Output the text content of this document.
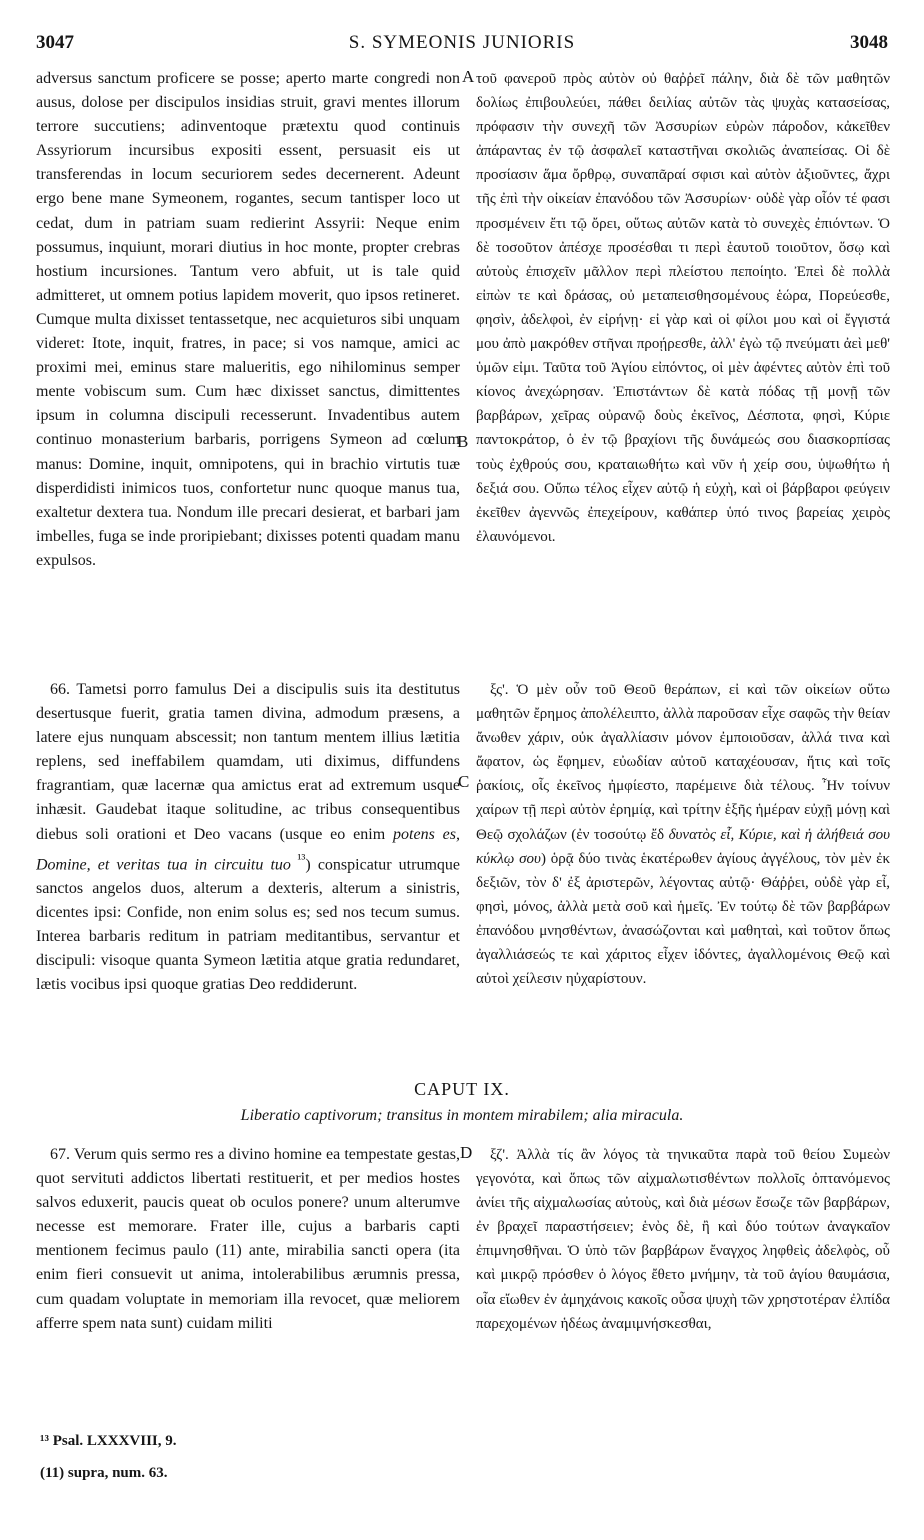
3047	S. SYMEONIS JUNIORIS	3048

adversus sanctum proficere se posse; aperto marte congredi non ausus, dolose per discipulos insidias struit, gravi mentes illorum terrore succutiens; adinventoque prætextu quod continuis Assyriorum incursibus expositi essent, persuasit eis ut transferendas in locum securiorem sedes decernerent. Adeunt ergo bene mane Symeonem, rogantes, secum tantisper loco ut cedat, dum in patriam suam redierint Assyrii: Neque enim possumus, inquiunt, morari diutius in hoc monte, propter crebras hostium incursiones. Tantum vero abfuit, ut is tale quid admitteret, ut omnem potius lapidem moverit, quo ipsos retineret. Cumque multa dixisset tentassetque, nec acquieturos sibi unquam videret: Itote, inquit, fratres, in pace; si vos namque, amici ac proximi mei, eminus stare malueritis, ego nihilominus semper mente vobiscum sum. Cum hæc dixisset sanctus, dimittentes ipsum in columna discipuli recesserunt. Invadentibus autem continuo monasterium barbaris, porrigens Symeon ad cœlum manus: Domine, inquit, omnipotens, qui in brachio virtutis tuæ disperdidisti inimicos tuos, confortetur nunc quoque manus tua, exaltetur dextera tua. Nondum ille precari desierat, et barbari jam imbelles, fuga se inde proripiebant; dixisses potenti quadam manu expulsos.

τοῦ φανεροῦ πρὸς αὐτὸν οὐ θαῤῥεῖ πάλην, διὰ δὲ τῶν μαθητῶν δολίως ἐπιβουλεύει, πάθει δειλίας αὐτῶν τὰς ψυχὰς κατασείσας, πρόφασιν τὴν συνεχῆ τῶν Ἀσσυρίων εὑρὼν πάροδον, κἀκεῖθεν ἀπάραντας ἐν τῷ ἀσφαλεῖ καταστῆναι σκολιῶς ἀναπείσας. Οἱ δὲ προσίασιν ἅμα ὄρθρῳ, συναπᾶραί σφισι καὶ αὐτὸν ἀξιοῦντες, ἄχρι τῆς ἐπὶ τὴν οἰκείαν ἐπανόδου τῶν Ἀσσυρίων· οὐδὲ γὰρ οἷόν τέ φασι προσμένειν ἔτι τῷ ὄρει, οὕτως αὐτῶν κατὰ τὸ συνεχὲς ἐπιόντων. Ὁ δὲ τοσοῦτον ἀπέσχε προσέσθαι τι περὶ ἑαυτοῦ τοιοῦτον, ὅσῳ καὶ αὐτοὺς ἐπισχεῖν μᾶλλον περὶ πλείστου πεποίηto. Ἐπεὶ δὲ πολλὰ εἰπὼν τε καὶ δράσας, οὐ μεταπεισθησομένους ἑώρα, Πορεύεσθε, φησὶν, ἀδελφοὶ, ἐν εἰρήνῃ· εἰ γὰρ καὶ οἱ φίλοι μου καὶ οἱ ἔγγιστά μου ἀπὸ μακρόθεν στῆναι προῄρεσθε, ἀλλ' ἐγὼ τῷ πνεύματι ἀεὶ μεθ' ὑμῶν εἰμι. Ταῦτα τοῦ Ἁγίου εἰπόντος, οἱ μὲν ἀφέντες αὐτὸν ἐπὶ τοῦ κίονος ἀνεχώρησαν. Ἐπιστάντων δὲ κατὰ πόδας τῇ μονῇ τῶν βαρβάρων, χεῖρας οὐρανῷ δοὺς ἐκεῖνος, Δέσποτα, φησὶ, Κύριε παντοκράτορ, ὁ ἐν τῷ βραχίονι τῆς δυνάμεώς σου διασκορπίσας τοὺς ἐχθρούς σου, κραταιωθήτω καὶ νῦν ἡ χείρ σου, ὑψωθήτω ἡ δεξιά σου. Οὔπω τέλος εἶχεν αὐτῷ ἡ εὐχὴ, καὶ οἱ βάρβαροι φεύγειν ἐκεῖθεν ἀγεννῶς ἐπεχείρουν, καθάπερ ὑπό τινος βαρείας χειρὸς ἐλαυνόμενοι.

A
B

66. Tametsi porro famulus Dei a discipulis suis ita destitutus desertusque fuerit, gratia tamen divina, admodum præsens, a latere ejus nunquam abscessit; non tantum mentem illius lætitia replens, sed ineffabilem quamdam, uti diximus, diffundens fragrantiam, quæ lacernæ qua amictus erat ad extremum usque inhæsit. Gaudebat itaque solitudine, ac tribus consequentibus diebus soli orationi et Deo vacans (usque eo enim potens es, Domine, et veritas tua in circuitu tuo $^{^{13}}$) conspicatur utrumque sanctos angelos duos, alterum a dexteris, alterum a sinistris, dicentes ipsi: Confide, non enim solus es; sed nos tecum sumus. Interea barbaris reditum in patriam meditantibus, servantur et discipuli: visoque quanta Symeon lætitia atque gratia redundaret, lætis vocibus ipsi quoque gratias Deo reddiderunt.

ξς'. Ὁ μὲν οὖν τοῦ Θεοῦ θεράπων, εἰ καὶ τῶν οἰκείων οὕτω μαθητῶν ἔρημος ἀπολέλειπτο, ἀλλὰ παροῦσαν εἶχε σαφῶς τὴν θείαν ἄνωθεν χάριν, οὐκ ἀγαλλίασιν μόνον ἐμποιοῦσαν, ἀλλά τινα καὶ ἄφατον, ὡς ἔφημεν, εὐωδίαν αὐτοῦ καταχέουσαν, ἥτις καὶ τοῖς ῥακίοις, οἷς ἐκεῖνος ἠμφίεστο, παρέμεινε διὰ τέλους. Ἦν τοίνυν χαίρων τῇ περὶ αὐτὸν ἐρημίᾳ, καὶ τρίτην ἑξῆς ἡμέραν εὐχῇ μόνῃ καὶ Θεῷ σχολάζων (ἐν τοσούτῳ ἔδ δυνατὸς εἶ, Κύριε, καὶ ἡ ἀλήθειά σου κύκλῳ σου) ὁρᾷ δύο τινὰς ἑκατέρωθεν ἁγίους ἀγγέλους, τὸν μὲν ἐκ δεξιῶν, τὸν δ' ἐξ ἀριστερῶν, λέγοντας αὐτῷ· Θάῤῥει, οὐδὲ γὰρ εἶ, φησὶ, μόνος, ἀλλὰ μετὰ σοῦ καὶ ἡμεῖς. Ἐν τούτῳ δὲ τῶν βαρβάρων ἐπανόδου μνησθέντων, ἀνασώζονται καὶ μαθηταὶ, καὶ τοῦτον ὅπως ἀγαλλιάσεώς τε καὶ χάριτος εἶχεν ἰδόντες, ἀγαλλομένοις Θεῷ καὶ αὐτοὶ χείλεσιν ηὐχαρίστουν.

C
CAPUT IX.
Liberatio captivorum; transitus in montem mirabilem; alia miracula.

67. Verum quis sermo res a divino homine ea tempestate gestas, quot servituti addictos libertati restituerit, et per medios hostes salvos eduxerit, paucis queat ob oculos ponere? unum alterumve necesse est memorare. Frater ille, cujus a barbaris capti mentionem fecimus paulo (11) ante, mirabilia sancti opera (ita enim fieri consuevit ut anima, intolerabilibus ærumnis pressa, cum quadam voluptate in memoriam illa revocet, quæ meliorem afferre spem nata sunt) cuidam militi

ξζ'. Ἀλλὰ τίς ἂν λόγος τὰ τηνικαῦτα παρὰ τοῦ θείου Συμεὼν γεγονότα, καὶ ὅπως τῶν αἰχμαλωτισθέντων πολλοῖς ὀπτανόμενος ἀνίει τῆς αἰχμαλωσίας αὐτοὺς, καὶ διὰ μέσων ἔσωζε τῶν βαρβάρων, ἐν βραχεῖ παραστήσειεν; ἑνὸς δὲ, ἢ καὶ δύο τούτων ἀναγκαῖον ἐπιμνησθῆναι. Ὁ ὑπὸ τῶν βαρβάρων ἔναγχος ληφθεὶς ἀδελφὸς, οὗ καὶ μικρῷ πρόσθεν ὁ λόγος ἔθετο μνήμην, τὰ τοῦ ἁγίου θαυμάσια, οἷα εἴωθεν ἐν ἀμηχάνοις κακοῖς οὖσα ψυχὴ τῶν χρηστοτέραν ἐλπίδα παρεχομένων ἡδέως ἀναμιμνήσκεσθαι,

D
¹³ Psal. LXXXVIII, 9.
(11) supra, num. 63.
